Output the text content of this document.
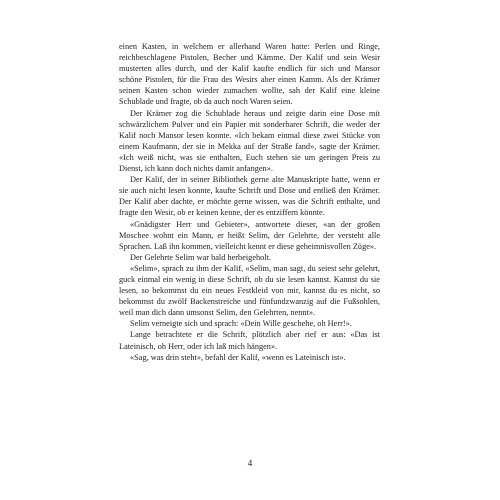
einen Kasten, in welchem er allerhand Waren hatte: Perlen und Ringe, reichbeschlagene Pistolen, Becher und Kämme. Der Kalif und sein Wesir musterten alles durch, und der Kalif kaufte endlich für sich und Mansor schöne Pistolen, für die Frau des Wesirs aber einen Kamm. Als der Krämer seinen Kasten schon wieder zumachen wollte, sah der Kalif eine kleine Schublade und fragte, ob da auch noch Waren seien.

Der Krämer zog die Schublade heraus und zeigte darin eine Dose mit schwärzlichem Pulver und ein Papier mit sonderbarer Schrift, die weder der Kalif noch Mansor lesen konnte. «Ich bekam einmal diese zwei Stücke von einem Kaufmann, der sie in Mekka auf der Straße fand», sagte der Krämer. «Ich weiß nicht, was sie enthalten, Euch stehen sie um geringen Preis zu Dienst, ich kann doch nichts damit anfangen».

Der Kalif, der in seiner Bibliothek gerne alte Manuskripte hatte, wenn er sie auch nicht lesen konnte, kaufte Schrift und Dose und entließ den Krämer. Der Kalif aber dachte, er möchte gerne wissen, was die Schrift enthalte, und fragte den Wesir, ob er keinen kenne, der es entziffern könnte.

«Gnädigster Herr und Gebieter», antwortete dieser, «an der großen Moschee wohnt ein Mann, er heißt Selim, der Gelehrte, der versteht alle Sprachen. Laß ihn kommen, vielleicht kennt er diese geheimnisvollen Züge».

Der Gelehrte Selim war bald herbeigeholt.

«Selim», sprach zu ihm der Kalif, «Selim, man sagt, du seiest sehr gelehrt, guck einmal ein wenig in diese Schrift, ob du sie lesen kannst. Kannst du sie lesen, so bekommst du ein neues Festkleid von mir, kannst du es nicht, so bekommst du zwölf Backenstreiche und fünfundzwanzig auf die Fußsohlen, weil man dich dann umsonst Selim, den Gelehrten, nennt».

Selim verneigte sich und sprach: «Dein Wille geschehe, oh Herr!».

Lange betrachtete er die Schrift, plötzlich aber rief er aus: «Das ist Lateinisch, oh Herr, oder ich laß mich hängen».

«Sag, was drin steht», befahl der Kalif, «wenn es Lateinisch ist».

4
